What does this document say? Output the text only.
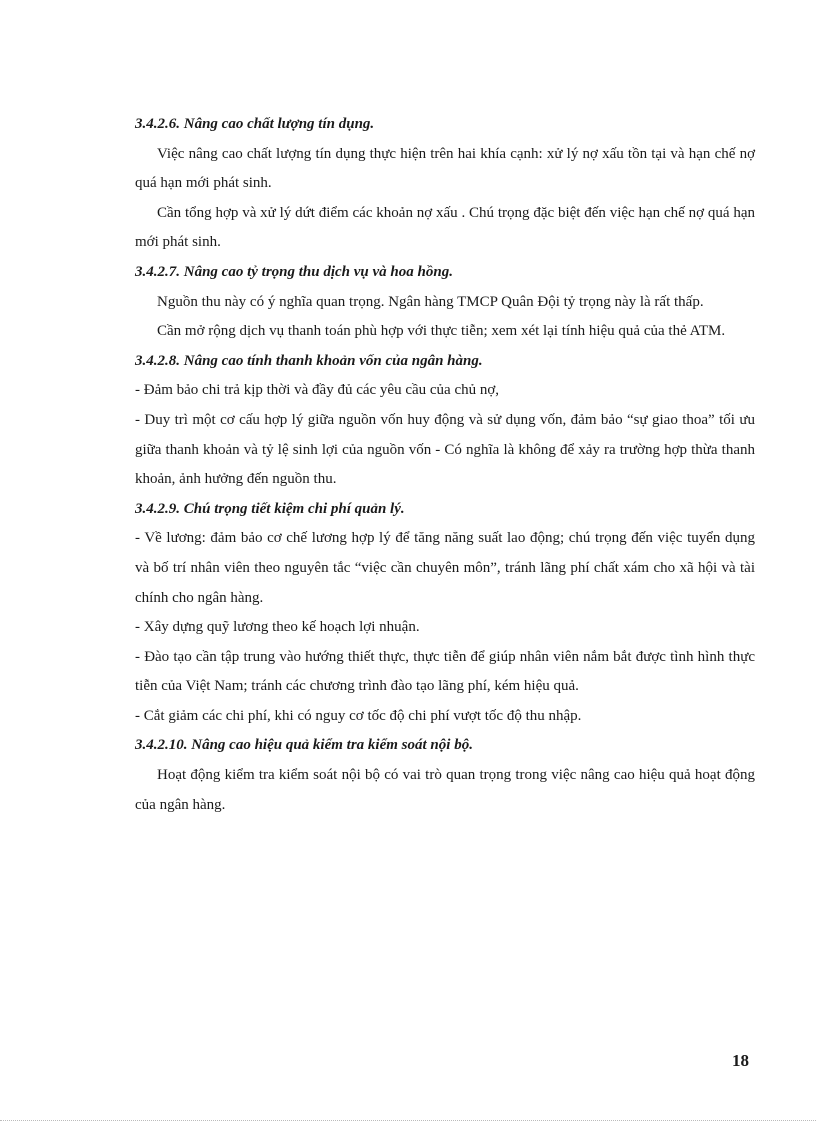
3.4.2.6. Nâng cao chất lượng tín dụng.

Việc nâng cao chất lượng tín dụng thực hiện trên hai khía cạnh: xử lý nợ xấu tồn tại và hạn chế nợ quá hạn mới phát sinh.

Cần tổng hợp và xử lý dứt điểm các khoản nợ xấu . Chú trọng đặc biệt đến việc hạn chế nợ quá hạn mới phát sinh.

3.4.2.7. Nâng cao tỷ trọng thu dịch vụ và hoa hồng.

Nguồn thu này có ý nghĩa quan trọng. Ngân hàng TMCP Quân Đội tỷ trọng này là rất thấp.

Cần mở rộng dịch vụ thanh toán phù hợp với thực tiễn; xem xét lại tính hiệu quả của thẻ ATM.

3.4.2.8. Nâng cao tính thanh khoản vốn của ngân hàng.

- Đảm bảo chi trả kịp thời và đầy đủ các yêu cầu của chủ nợ,

- Duy trì một cơ cấu hợp lý giữa nguồn vốn huy động và sử dụng vốn, đảm bảo “sự giao thoa” tối ưu giữa thanh khoản và tỷ lệ sinh lợi của nguồn vốn - Có nghĩa là không để xảy ra trường hợp thừa thanh khoản, ảnh hưởng đến nguồn thu.

3.4.2.9. Chú trọng tiết kiệm chi phí quản lý.

- Về lương: đảm bảo cơ chế lương hợp lý để tăng năng suất lao động; chú trọng đến việc tuyển dụng và bố trí nhân viên theo nguyên tắc “việc cần chuyên môn”, tránh lãng phí chất xám cho xã hội và tài chính cho ngân hàng.

- Xây dựng quỹ lương theo kế hoạch lợi nhuận.

- Đào tạo cần tập trung vào hướng thiết thực, thực tiễn để giúp nhân viên nắm bắt được tình hình thực tiễn của Việt Nam; tránh các chương trình đào tạo lãng phí, kém hiệu quả.

- Cắt giảm các chi phí, khi có nguy cơ tốc độ chi phí vượt tốc độ thu nhập.

3.4.2.10. Nâng cao hiệu quả kiểm tra kiểm soát nội bộ.

Hoạt động kiểm tra kiểm soát nội bộ có vai trò quan trọng trong việc nâng cao hiệu quả hoạt động của ngân hàng.

18
